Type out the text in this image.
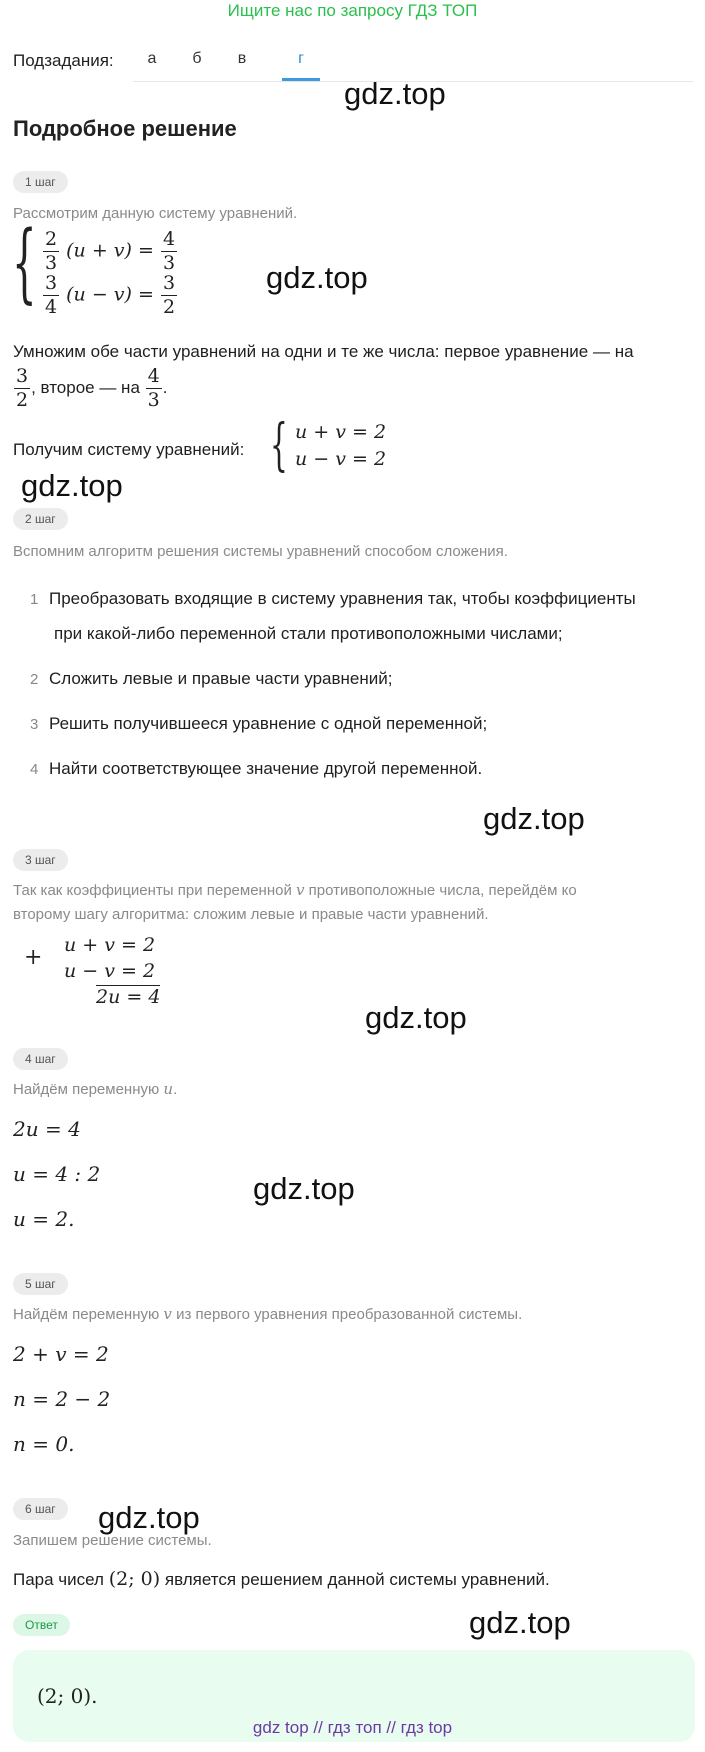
Ищите нас по запросу ГДЗ ТОП
Подзадания:	а	б	в	г
gdz.top
gdz.top
gdz.top
gdz.top
gdz.top
gdz.top
gdz.top
gdz.top
Подробное решение
1 шаг
Рассмотрим данную систему уравнений.
{ $\frac{2}{3} (u + v) = \frac{4}{3}$
$\frac{3}{4} (u - v) = \frac{3}{2}$
Умножим обе части уравнений на одни и те же числа: первое уравнение — на
$\frac{3}{2}$ , второе — на $\frac{4}{3}$ .
Получим систему уравнений: { u + v = 2
u − v = 2
2 шаг
Вспомним алгоритм решения системы уравнений способом сложения.
1 Преобразовать входящие в систему уравнения так, чтобы коэффициенты
при какой-либо переменной стали противоположными числами;
2 Сложить левые и правые части уравнений;
3 Решить получившееся уравнение с одной переменной;
4 Найти соответствующее значение другой переменной.
3 шаг
Так как коэффициенты при переменной v противоположные числа, перейдём ко
второму шагу алгоритма: сложим левые и правые части уравнений.
+ u + v = 2
u − v = 2
2u = 4
4 шаг
Найдём переменную u.
2u = 4
u = 4 : 2
u = 2.
5 шаг
Найдём переменную v из первого уравнения преобразованной системы.
2 + v = 2
n = 2 − 2
n = 0.
6 шаг
Запишем решение системы.
Пара чисел (2; 0) является решением данной системы уравнений.
Ответ
(2; 0).
gdz top // гдз топ // гдз top
